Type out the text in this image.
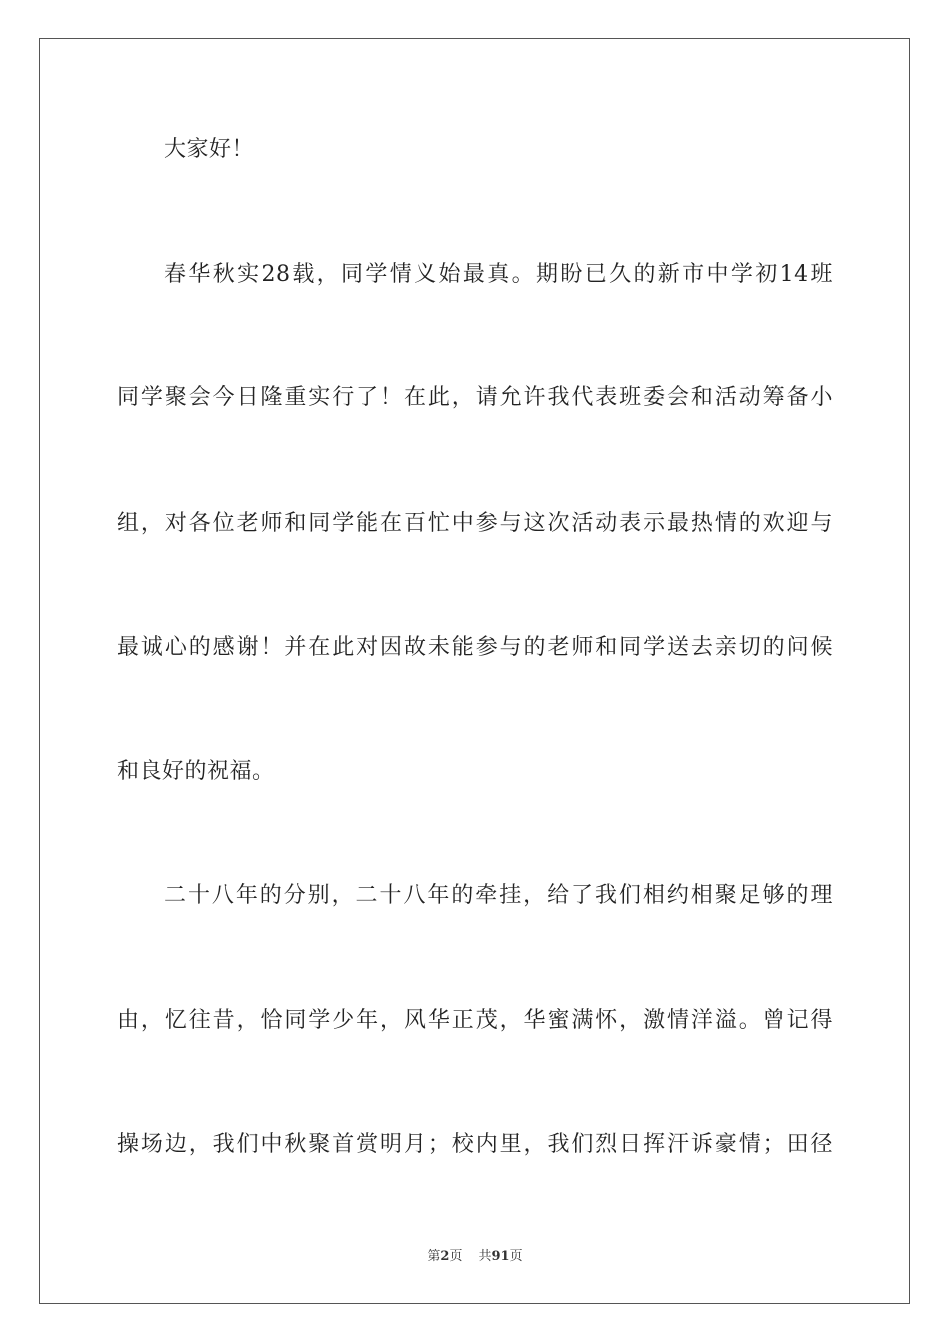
大家好！
春华秋实28载，同学情义始最真。期盼已久的新市中学初14班
同学聚会今日隆重实行了！在此，请允许我代表班委会和活动筹备小
组，对各位老师和同学能在百忙中参与这次活动表示最热情的欢迎与
最诚心的感谢！并在此对因故未能参与的老师和同学送去亲切的问候
和良好的祝福。
二十八年的分别，二十八年的牵挂，给了我们相约相聚足够的理
由，忆往昔，恰同学少年，风华正茂，华蜜满怀，激情洋溢。曾记得
操场边，我们中秋聚首赏明月；校内里，我们烈日挥汗诉豪情；田径
第2页 共91页
